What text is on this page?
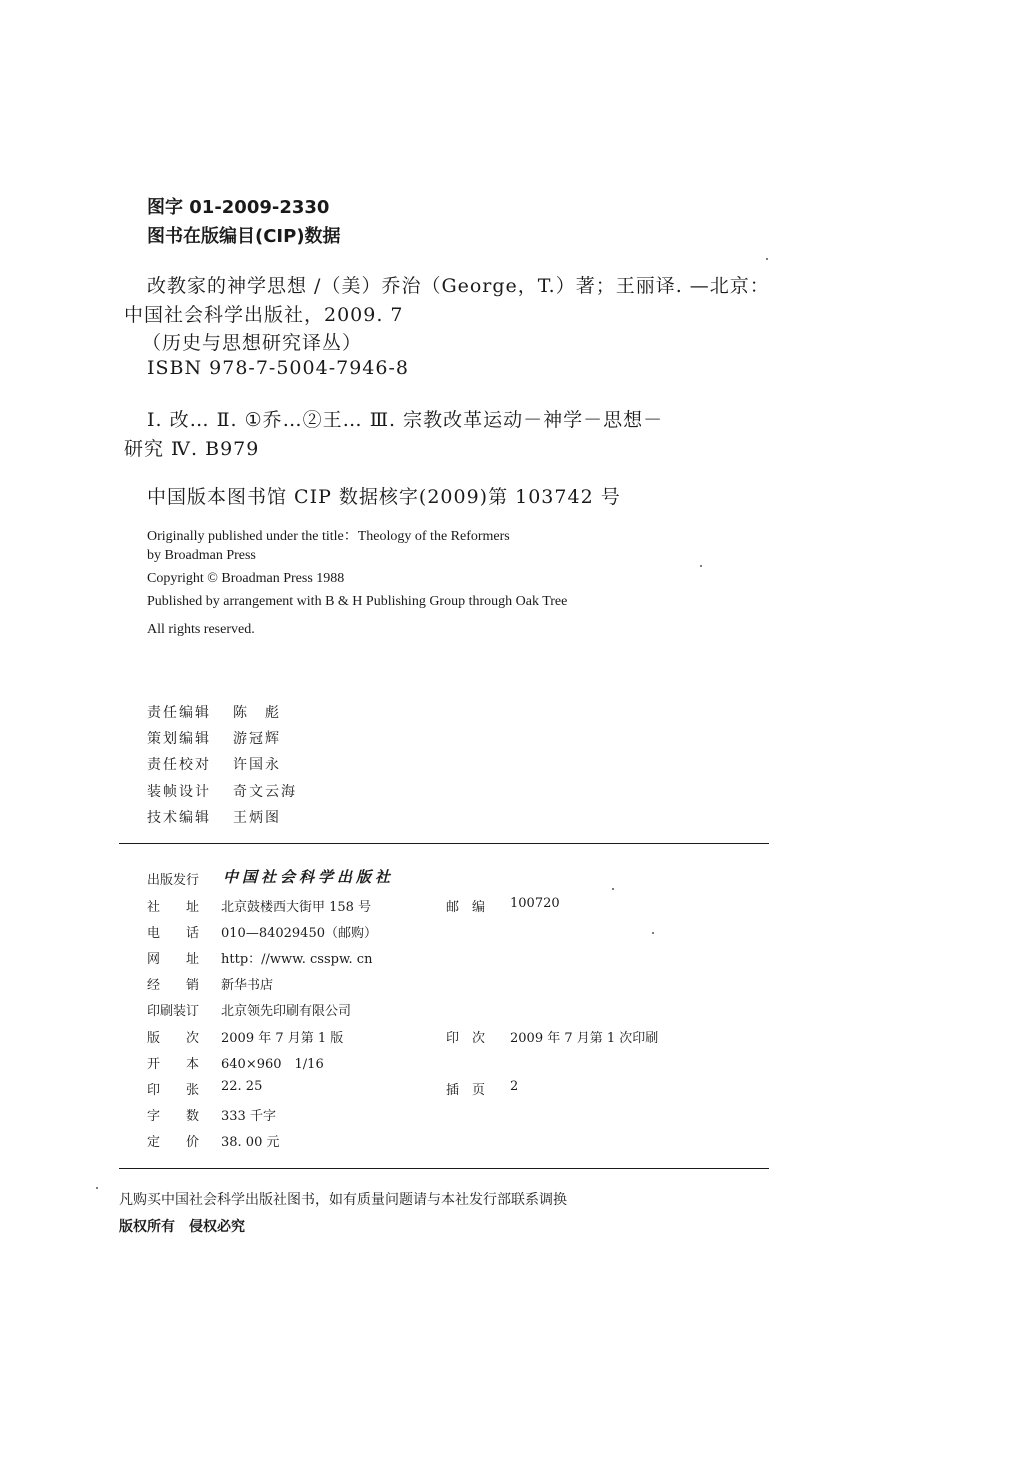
图字 01-2009-2330
图书在版编目(CIP)数据
改教家的神学思想 /（美）乔治（George，T.）著；王丽译. —北京：
中国社会科学出版社，2009. 7
（历史与思想研究译丛）
ISBN 978-7-5004-7946-8
Ⅰ. 改… Ⅱ. ①乔…②王… Ⅲ. 宗教改革运动－神学－思想－
研究 Ⅳ. B979
中国版本图书馆 CIP 数据核字(2009)第 103742 号
Originally published under the title：Theology of the Reformers
by Broadman Press
Copyright © Broadman Press 1988
Published by arrangement with B & H Publishing Group through Oak Tree
All rights reserved.
责任编辑 陈　彪
策划编辑 游冠辉
责任校对 许国永
装帧设计 奇文云海
技术编辑 王炳图
出版发行 中国社会科学出版社
社　　址 北京鼓楼西大街甲 158 号	邮　编 100720
电　　话 010—84029450（邮购）
网　　址 http：//www. csspw. cn
经　　销 新华书店
印刷装订 北京领先印刷有限公司
版　　次 2009 年 7 月第 1 版	印　次 2009 年 7 月第 1 次印刷
开　　本 640×960　1/16
印　　张 22. 25	插　页 2
字　　数 333 千字
定　　价 38. 00 元
凡购买中国社会科学出版社图书，如有质量问题请与本社发行部联系调换
版权所有　侵权必究
